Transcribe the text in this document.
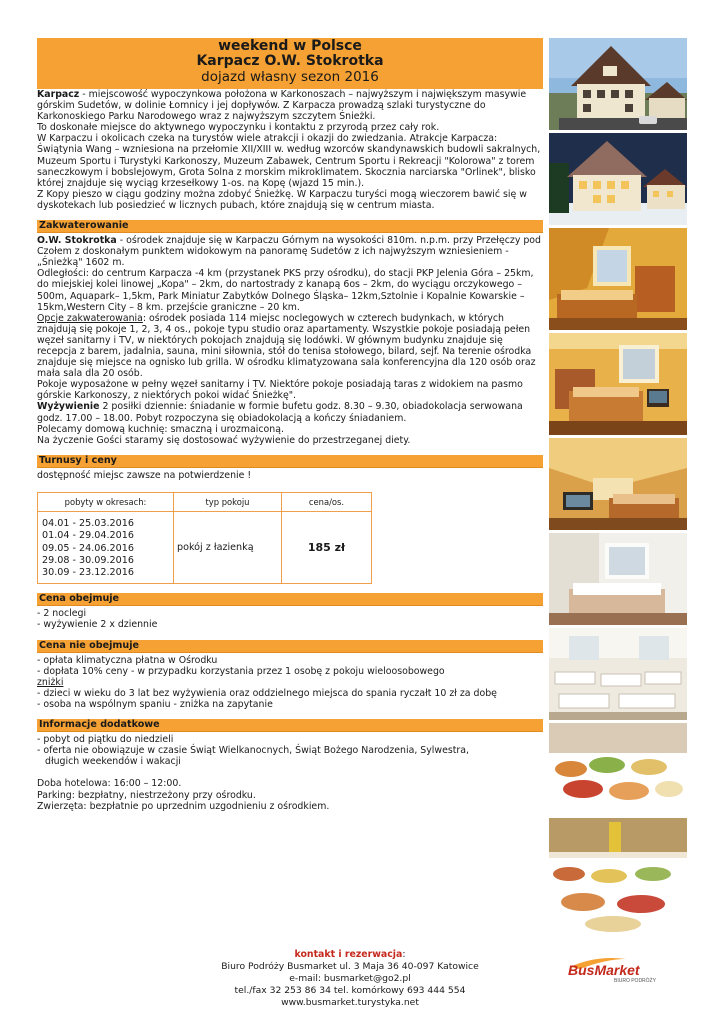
weekend w Polsce
Karpacz O.W. Stokrotka
dojazd własny sezon 2016

Karpacz - miejscowość wypoczynkowa położona w Karkonoszach – najwyższym i największym masywie górskim Sudetów, w dolinie Łomnicy i jej dopływów. Z Karpacza prowadzą szlaki turystyczne do Karkonoskiego Parku Narodowego wraz z najwyższym szczytem Śnieżki.

To doskonałe miejsce do aktywnego wypoczynku i kontaktu z przyrodą przez cały rok.

W Karpaczu i okolicach czeka na turystów wiele atrakcji i okazji do zwiedzania. Atrakcje Karpacza: Świątynia Wang – wzniesiona na przełomie XII/XIII w. według wzorców skandynawskich budowli sakralnych, Muzeum Sportu i Turystyki Karkonoszy, Muzeum Zabawek, Centrum Sportu i Rekreacji "Kolorowa" z torem saneczkowym i bobslejowym, Grota Solna z morskim mikroklimatem. Skocznia narciarska "Orlinek", blisko której znajduje się wyciąg krzesełkowy 1-os. na Kopę (wjazd 15 min.).

Z Kopy pieszo w ciągu godziny można zdobyć Śnieżkę. W Karpaczu turyści mogą wieczorem bawić się w dyskotekach lub posiedzieć w licznych pubach, które znajdują się w centrum miasta.

Zakwaterowanie

O.W. Stokrotka - ośrodek znajduje się w Karpaczu Górnym na wysokości 810m. n.p.m. przy Przełęczy pod Czołem z doskonałym punktem widokowym na panoramę Sudetów z ich najwyższym wzniesieniem - „Śnieżką" 1602 m.

Odległości: do centrum Karpacza -4 km (przystanek PKS przy ośrodku), do stacji PKP Jelenia Góra – 25km, do miejskiej kolei linowej „Kopa" – 2km, do nartostrady z kanapą 6os – 2km, do wyciągu orczykowego – 500m, Aquapark– 1,5km, Park Miniatur Zabytków Dolnego Śląska– 12km,Sztolnie i Kopalnie Kowarskie – 15km,Western City – 8 km. przejście graniczne – 20 km.

Opcje zakwaterowania: ośrodek posiada 114 miejsc noclegowych w czterech budynkach, w których znajdują się pokoje 1, 2, 3, 4 os., pokoje typu studio oraz apartamenty. Wszystkie pokoje posiadają pełen węzeł sanitarny i TV, w niektórych pokojach znajdują się lodówki. W głównym budynku znajduje się recepcja z barem, jadalnia, sauna, mini siłownia, stół do tenisa stołowego, bilard, sejf. Na terenie ośrodka znajduje się miejsce na ognisko lub grilla. W ośrodku klimatyzowana sala konferencyjna dla 120 osób oraz mała sala dla 20 osób.

Pokoje wyposażone w pełny węzeł sanitarny i TV. Niektóre pokoje posiadają taras z widokiem na pasmo górskie Karkonoszy, z niektórych pokoi widać Śnieżkę".

Wyżywienie 2 posiłki dziennie: śniadanie w formie bufetu godz. 8.30 – 9.30, obiadokolacja serwowana godz. 17.00 – 18.00. Pobyt rozpoczyna się obiadokolacją a kończy śniadaniem.

Polecamy domową kuchnię: smaczną i urozmaiconą.

Na życzenie Gości staramy się dostosować wyżywienie do przestrzeganej diety.

Turnusy i ceny

dostępność miejsc zawsze na potwierdzenie !

pobyty w okresach:	typ pokoju	cena/os.

04.01 - 25.03.2016
01.04 - 29.04.2016
09.05 - 24.06.2016
29.08 - 30.09.2016
30.09 - 23.12.2016	pokój z łazienką	185 zł
Cena obejmuje

- 2 noclegi

- wyżywienie 2 x dziennie

Cena nie obejmuje

- opłata klimatyczna płatna w Ośrodku

- dopłata 10% ceny - w przypadku korzystania przez 1 osobę z pokoju wieloosobowego

zniżki

- dzieci w wieku do 3 lat bez wyżywienia oraz oddzielnego miejsca do spania ryczałt 10 zł za dobę

- osoba na wspólnym spaniu - zniżka na zapytanie

Informacje dodatkowe

- pobyt od piątku do niedzieli

- oferta nie obowiązuje w czasie Świąt Wielkanocnych, Świąt Bożego Narodzenia, Sylwestra,

długich weekendów i wakacji

Doba hotelowa: 16:00 – 12:00.

Parking: bezpłatny, niestrzeżony przy ośrodku.

Zwierzęta: bezpłatnie po uprzednim uzgodnieniu z ośrodkiem.

kontakt i rezerwacja:
Biuro Podróży Busmarket ul. 3 Maja 36 40-097 Katowice
e-mail: busmarket@go2.pl
tel./fax 32 253 86 34 tel. komórkowy 693 444 554
www.busmarket.turystyka.net
BusMarket
BIURO PODRÓŻY
